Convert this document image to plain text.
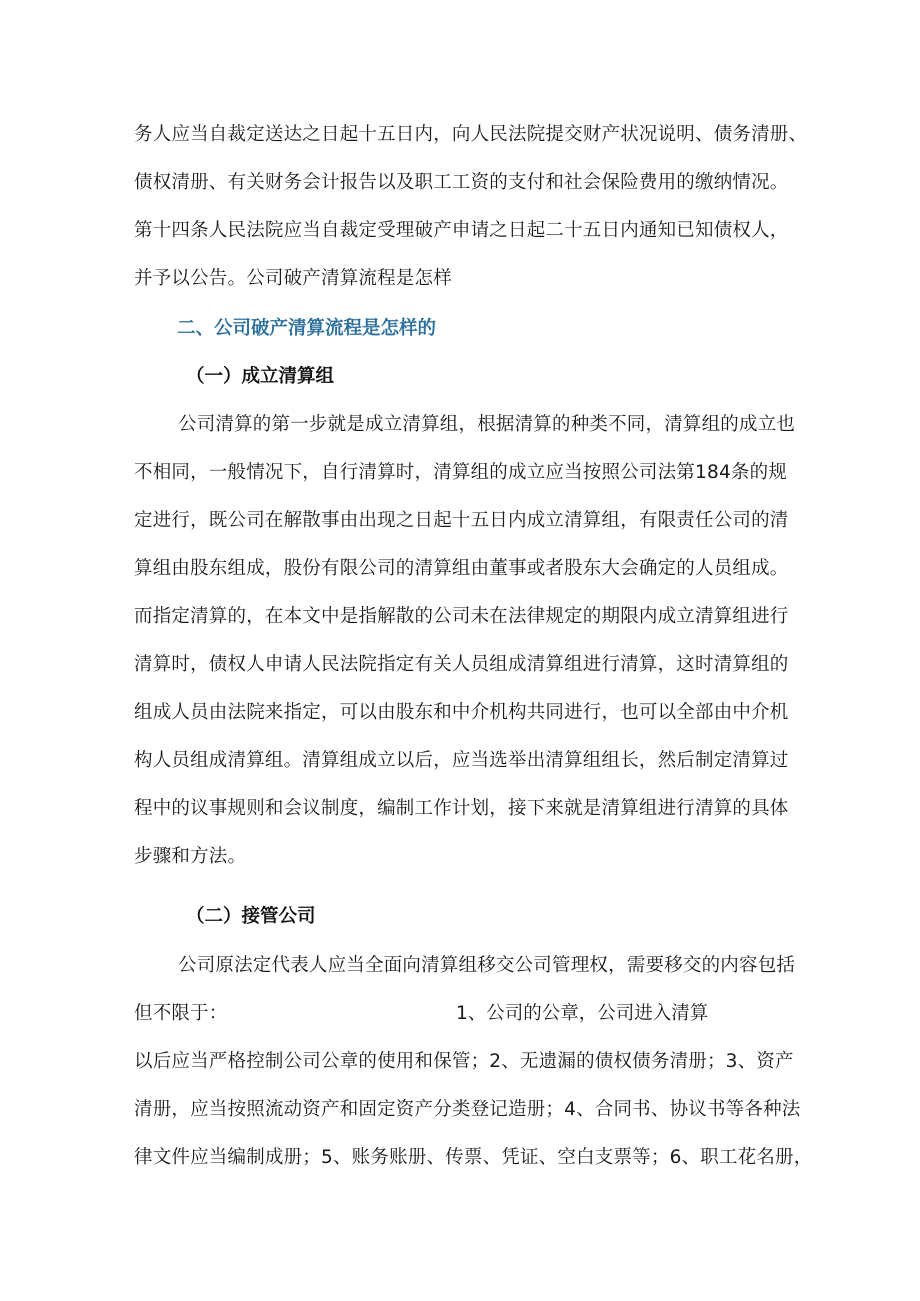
务人应当自裁定送达之日起十五日内，向人民法院提交财产状况说明、债务清册、
债权清册、有关财务会计报告以及职工工资的支付和社会保险费用的缴纳情况。
第十四条人民法院应当自裁定受理破产申请之日起二十五日内通知已知债权人，
并予以公告。公司破产清算流程是怎样
二、公司破产清算流程是怎样的
（一）成立清算组
公司清算的第一步就是成立清算组，根据清算的种类不同，清算组的成立也
不相同，一般情况下，自行清算时，清算组的成立应当按照公司法第184条的规
定进行，既公司在解散事由出现之日起十五日内成立清算组，有限责任公司的清
算组由股东组成，股份有限公司的清算组由董事或者股东大会确定的人员组成。
而指定清算的，在本文中是指解散的公司未在法律规定的期限内成立清算组进行
清算时，债权人申请人民法院指定有关人员组成清算组进行清算，这时清算组的
组成人员由法院来指定，可以由股东和中介机构共同进行，也可以全部由中介机
构人员组成清算组。清算组成立以后，应当选举出清算组组长，然后制定清算过
程中的议事规则和会议制度，编制工作计划，接下来就是清算组进行清算的具体
步骤和方法。
（二）接管公司
公司原法定代表人应当全面向清算组移交公司管理权，需要移交的内容包括
但不限于：	1、公司的公章，公司进入清算
以后应当严格控制公司公章的使用和保管；2、无遗漏的债权债务清册；3、资产
清册，应当按照流动资产和固定资产分类登记造册；4、合同书、协议书等各种法
律文件应当编制成册；5、账务账册、传票、凭证、空白支票等；6、职工花名册，
